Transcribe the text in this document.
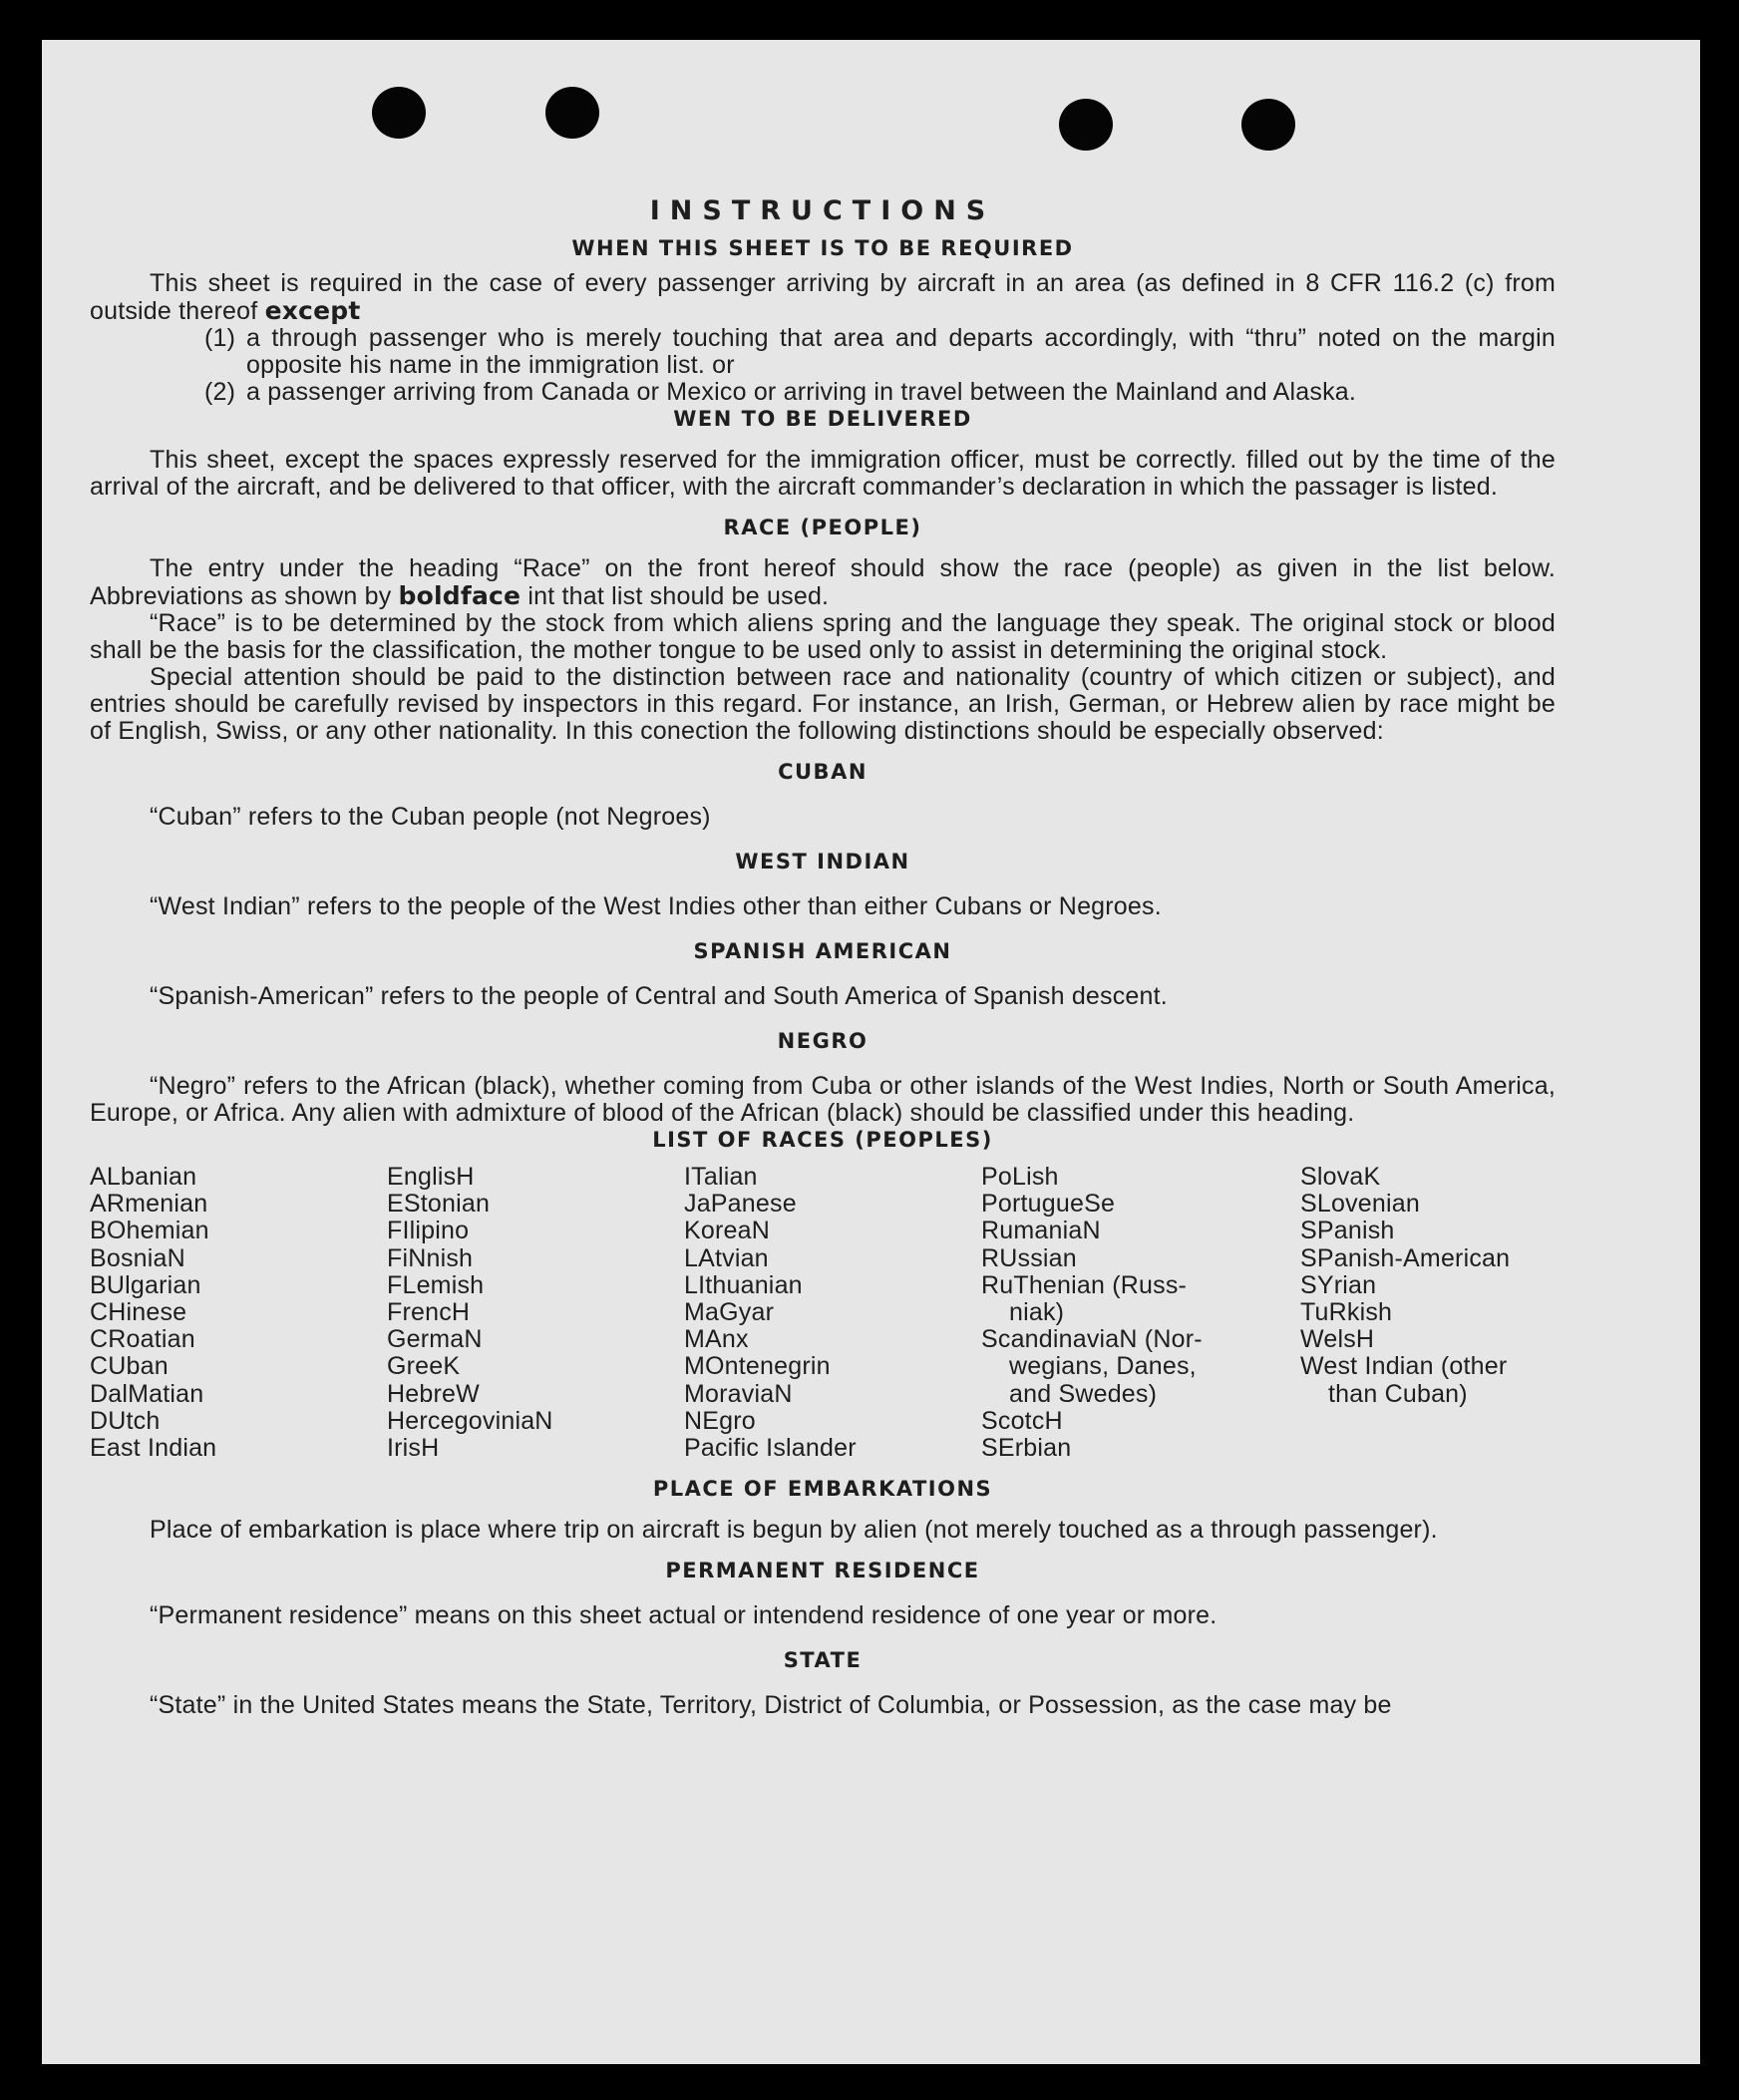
INSTRUCTIONS
WHEN THIS SHEET IS TO BE REQUIRED

This sheet is required in the case of every passenger arriving by aircraft in an area (as defined in 8 CFR 116.2 (c) from outside thereof except

(1) a through passenger who is merely touching that area and departs accordingly, with “thru” noted on the margin opposite his name in the immigration list. or
(2) a passenger arriving from Canada or Mexico or arriving in travel between the Mainland and Alaska.
WEN TO BE DELIVERED

This sheet, except the spaces expressly reserved for the immigration officer, must be correctly. filled out by the time of the arrival of the aircraft, and be delivered to that officer, with the aircraft commander’s declaration in which the passager is listed.

RACE (PEOPLE)

The entry under the heading “Race” on the front hereof should show the race (people) as given in the list below. Abbreviations as shown by boldface int that list should be used.

“Race” is to be determined by the stock from which aliens spring and the language they speak. The original stock or blood shall be the basis for the classification, the mother tongue to be used only to assist in determining the original stock.

Special attention should be paid to the distinction between race and nationality (country of which citizen or subject), and entries should be carefully revised by inspectors in this regard. For instance, an Irish, German, or Hebrew alien by race might be of English, Swiss, or any other nationality. In this conection the following distinctions should be especially observed:

CUBAN

“Cuban” refers to the Cuban people (not Negroes)

WEST INDIAN

“West Indian” refers to the people of the West Indies other than either Cubans or Negroes.

SPANISH AMERICAN

“Spanish-American” refers to the people of Central and South America of Spanish descent.

NEGRO

“Negro” refers to the African (black), whether coming from Cuba or other islands of the West Indies, North or South America, Europe, or Africa. Any alien with admixture of blood of the African (black) should be classified under this heading.

LIST OF RACES (PEOPLES)
ALbanian
ARmenian
BOhemian
BosniaN
BUlgarian
CHinese
CRoatian
CUban
DalMatian
DUtch
East Indian
EnglisH
EStonian
FIlipino
FiNnish
FLemish
FrencH
GermaN
GreeK
HebreW
HercegoviniaN
IrisH
ITalian
JaPanese
KoreaN
LAtvian
LIthuanian
MaGyar
MAnx
MOntenegrin
MoraviaN
NEgro
Pacific Islander
PoLish
PortugueSe
RumaniaN
RUssian
RuThenian (Russ-
niak)
ScandinaviaN (Nor-
wegians, Danes,
and Swedes)
ScotcH
SErbian
SlovaK
SLovenian
SPanish
SPanish-American
SYrian
TuRkish
WelsH
West Indian (other
than Cuban)
PLACE OF EMBARKATIONS

Place of embarkation is place where trip on aircraft is begun by alien (not merely touched as a through passenger).

PERMANENT RESIDENCE

“Permanent residence” means on this sheet actual or intendend residence of one year or more.

STATE

“State” in the United States means the State, Territory, District of Columbia, or Possession, as the case may be
